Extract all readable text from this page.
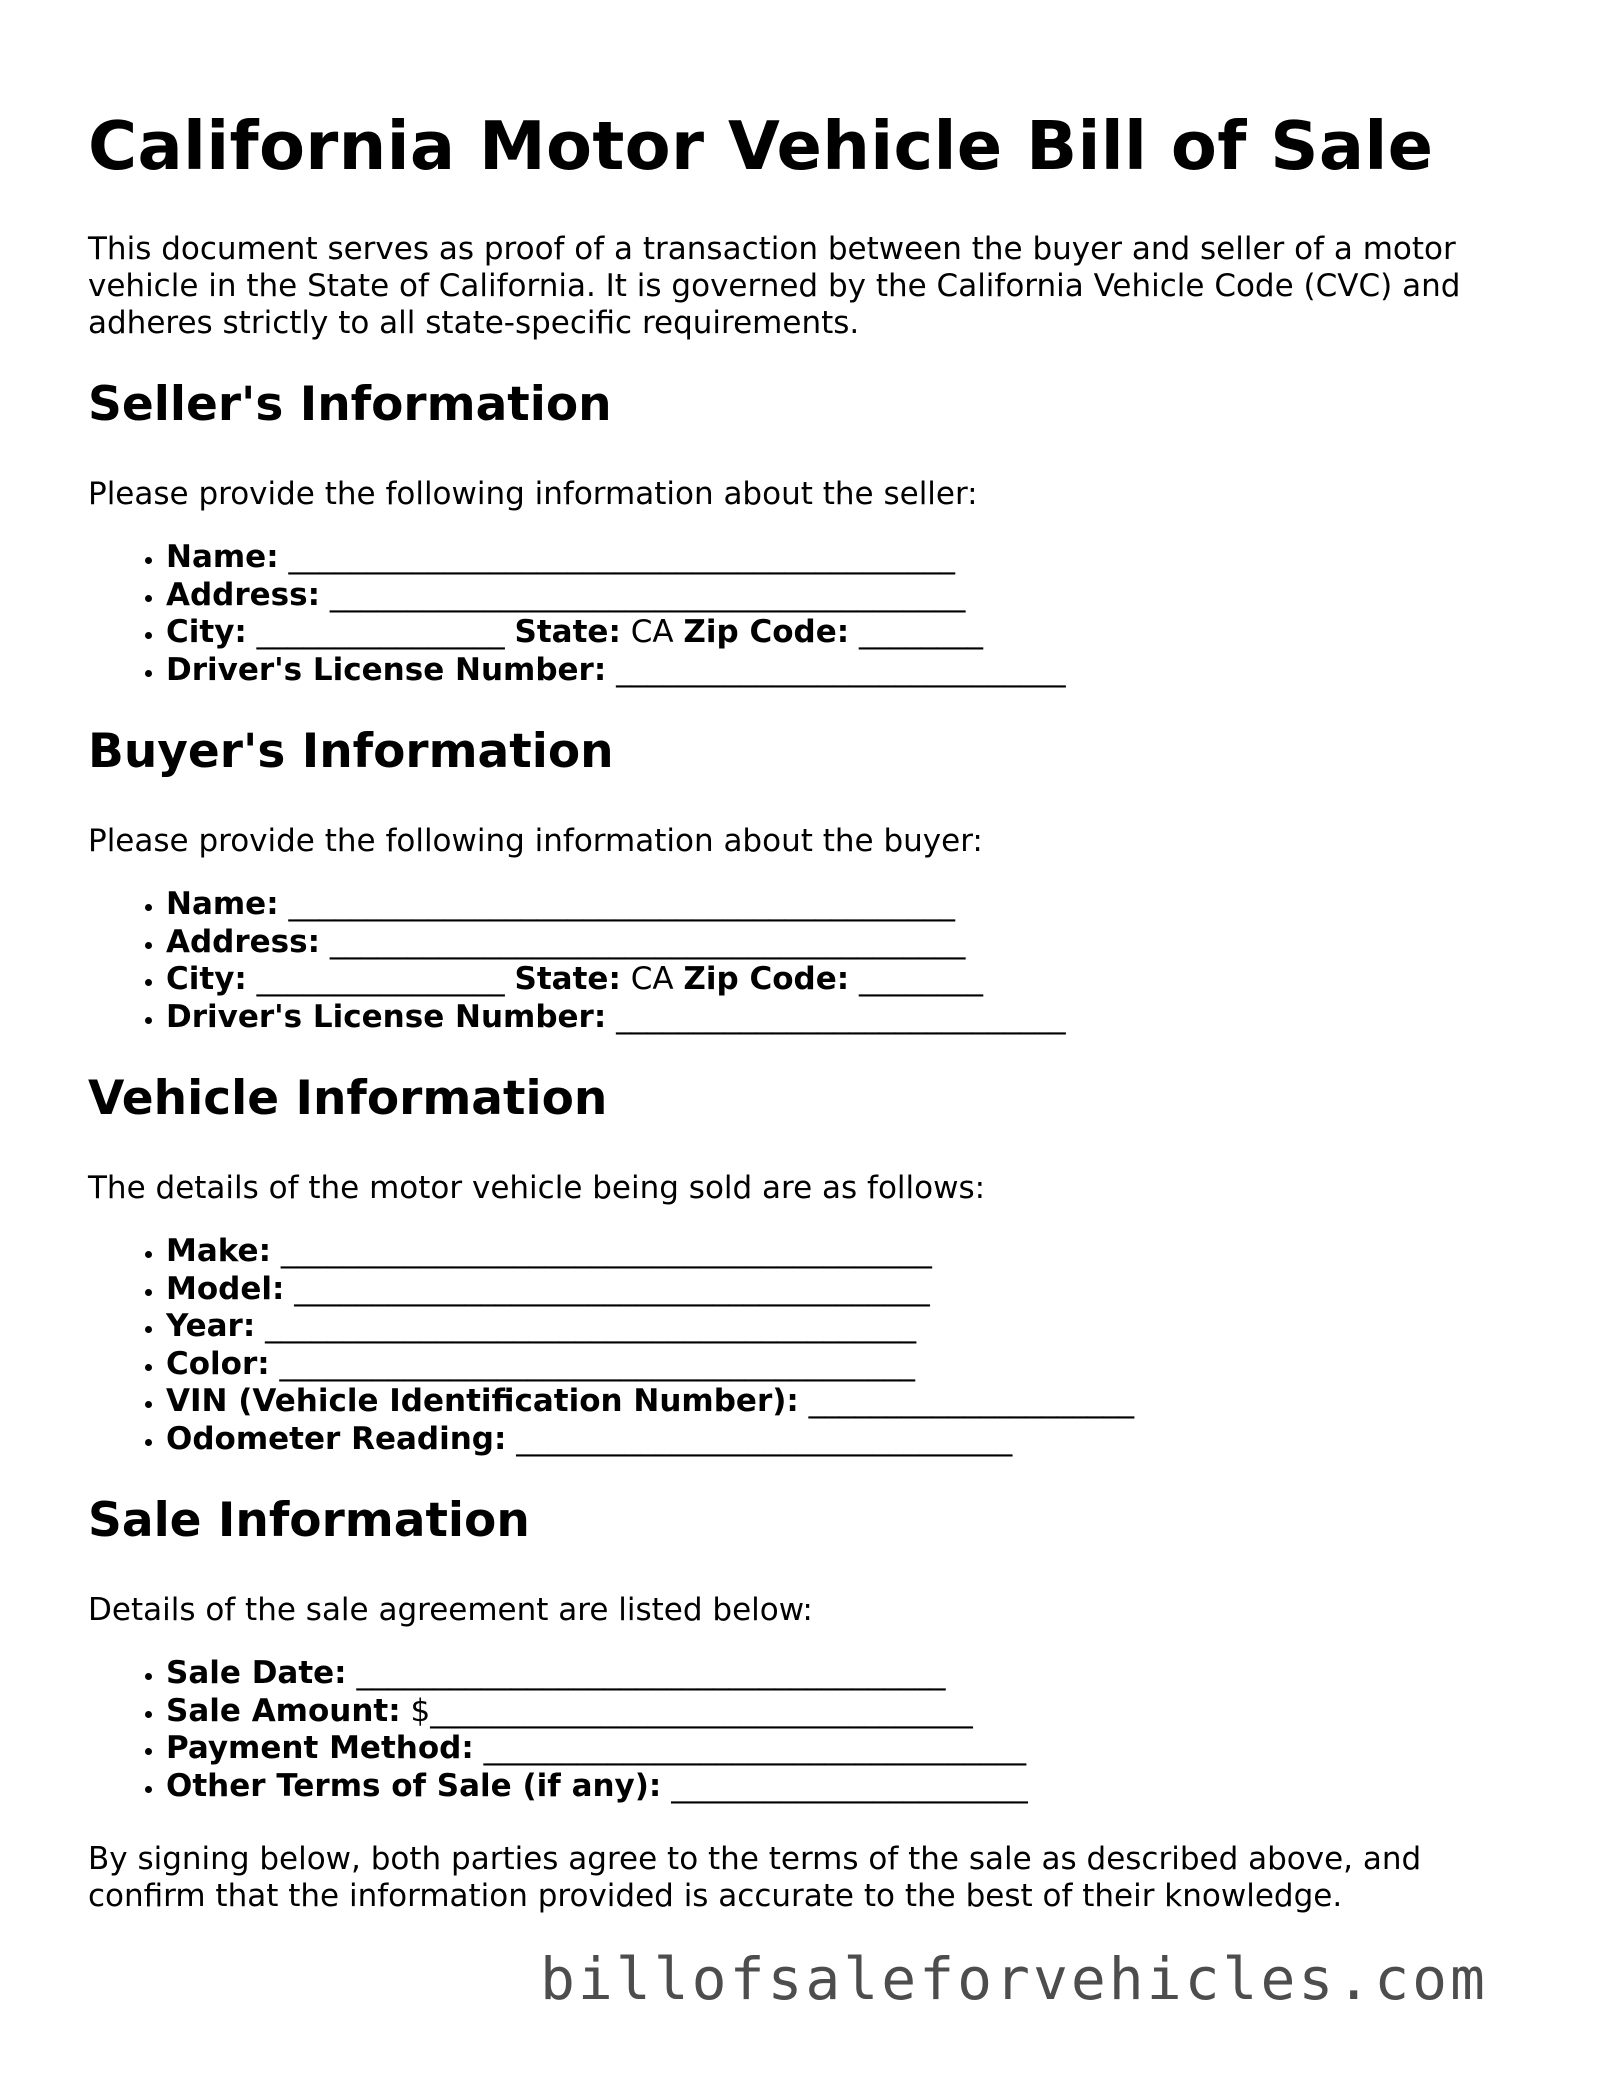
California Motor Vehicle Bill of Sale

This document serves as proof of a transaction between the buyer and seller of a motor vehicle in the State of California. It is governed by the California Vehicle Code (CVC) and adheres strictly to all state-specific requirements.

Seller's Information

Please provide the following information about the seller:

• Name: ___________________________________________
• Address: _________________________________________
• City: ________________ State: CA Zip Code: ________
• Driver's License Number: _____________________________
Buyer's Information

Please provide the following information about the buyer:

• Name: ___________________________________________
• Address: _________________________________________
• City: ________________ State: CA Zip Code: ________
• Driver's License Number: _____________________________
Vehicle Information

The details of the motor vehicle being sold are as follows:

• Make: __________________________________________
• Model: _________________________________________
• Year: __________________________________________
• Color: _________________________________________
• VIN (Vehicle Identification Number): _____________________
• Odometer Reading: ________________________________
Sale Information

Details of the sale agreement are listed below:

• Sale Date: ______________________________________
• Sale Amount: $___________________________________
• Payment Method: ___________________________________
• Other Terms of Sale (if any): _______________________

By signing below, both parties agree to the terms of the sale as described above, and confirm that the information provided is accurate to the best of their knowledge.

billofsaleforvehicles.com
